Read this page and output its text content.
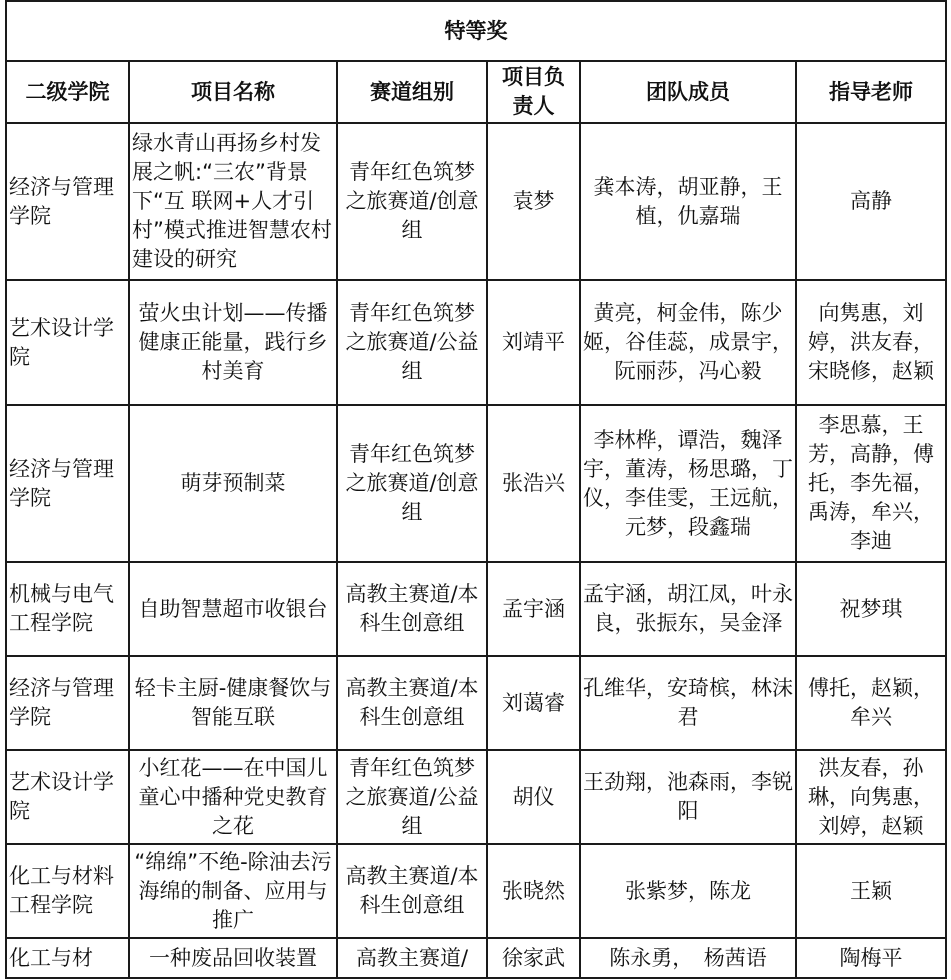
特等奖					
二级学院	项目名称	赛道组别	项目负责人	团队成员	指导老师
经济与管理学院	绿水青山再扬乡村发展之帆:“三农”背景下“互 联网+人才引村”模式推进智慧农村建设的研究	青年红色筑梦之旅赛道/创意组	袁梦	龚本涛，胡亚静，王植，仇嘉瑞	高静
艺术设计学院	萤火虫计划——传播健康正能量，践行乡村美育	青年红色筑梦之旅赛道/公益组	刘靖平	黄亮，柯金伟，陈少姬，谷佳蕊，成景宇，阮丽莎，冯心毅	向隽惠，刘婷，洪友春，宋晓修，赵颖
经济与管理学院	萌芽预制菜	青年红色筑梦之旅赛道/创意组	张浩兴	李林桦，谭浩，魏泽宇，董涛，杨思璐，丁仪，李佳雯，王远航，元梦，段鑫瑞	李思慕，王芳，高静，傅托，李先福，禹涛，牟兴，李迪
机械与电气工程学院	自助智慧超市收银台	高教主赛道/本科生创意组	孟宇涵	孟宇涵，胡江凤，叶永良，张振东，吴金泽	祝梦琪
经济与管理学院	轻卡主厨-健康餐饮与智能互联	高教主赛道/本科生创意组	刘蔼睿	孔维华，安琦槟，林沫君	傅托，赵颖，牟兴
艺术设计学院	小红花——在中国儿童心中播种党史教育之花	青年红色筑梦之旅赛道/公益组	胡仪	王劲翔，池森雨，李锐阳	洪友春，孙琳，向隽惠，刘婷，赵颖
化工与材料工程学院	“绵绵”不绝-除油去污海绵的制备、应用与推广	高教主赛道/本科生创意组	张晓然	张紫梦，陈龙	王颖
化工与材	一种废品回收装置	高教主赛道/	徐家武	陈永勇，　杨茜语	陶梅平
